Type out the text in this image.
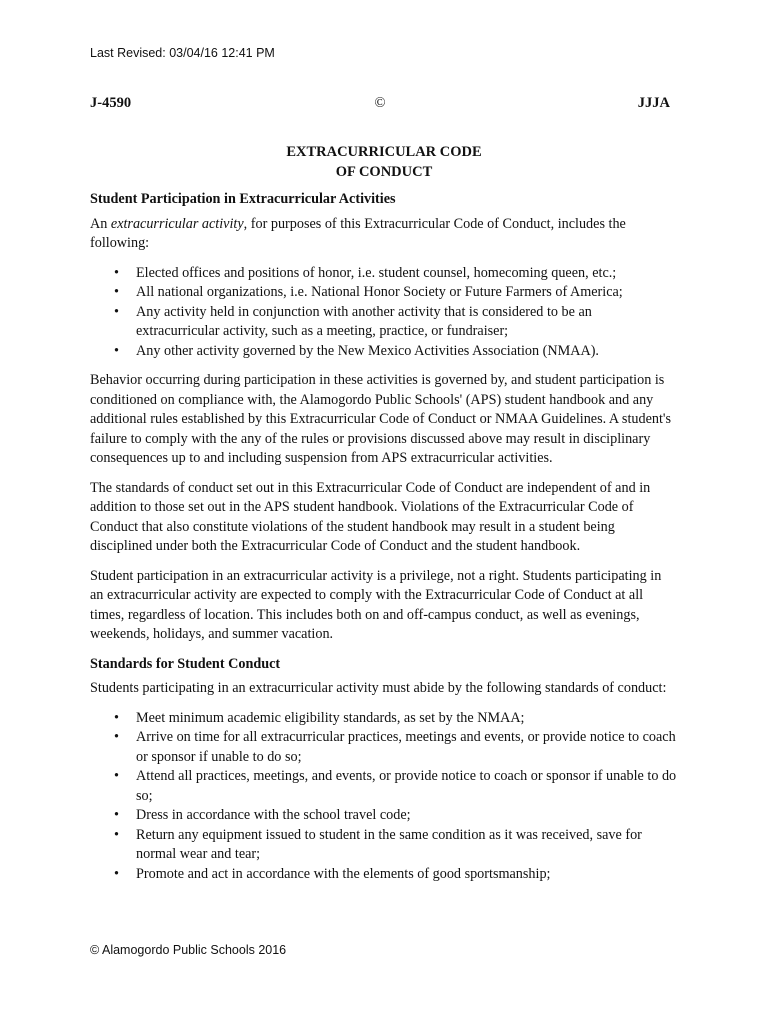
Last Revised: 03/04/16 12:41 PM
J-4590	©	JJJA
EXTRACURRICULAR CODE
OF CONDUCT
Student Participation in Extracurricular Activities

An extracurricular activity, for purposes of this Extracurricular Code of Conduct, includes the following:

• Elected offices and positions of honor, i.e. student counsel, homecoming queen, etc.;
• All national organizations, i.e. National Honor Society or Future Farmers of America;
• Any activity held in conjunction with another activity that is considered to be an extracurricular activity, such as a meeting, practice, or fundraiser;
• Any other activity governed by the New Mexico Activities Association (NMAA).

Behavior occurring during participation in these activities is governed by, and student participation is conditioned on compliance with, the Alamogordo Public Schools' (APS) student handbook and any additional rules established by this Extracurricular Code of Conduct or NMAA Guidelines. A student's failure to comply with the any of the rules or provisions discussed above may result in disciplinary consequences up to and including suspension from APS extracurricular activities.

The standards of conduct set out in this Extracurricular Code of Conduct are independent of and in addition to those set out in the APS student handbook. Violations of the Extracurricular Code of Conduct that also constitute violations of the student handbook may result in a student being disciplined under both the Extracurricular Code of Conduct and the student handbook.

Student participation in an extracurricular activity is a privilege, not a right. Students participating in an extracurricular activity are expected to comply with the Extracurricular Code of Conduct at all times, regardless of location. This includes both on and off-campus conduct, as well as evenings, weekends, holidays, and summer vacation.

Standards for Student Conduct

Students participating in an extracurricular activity must abide by the following standards of conduct:

• Meet minimum academic eligibility standards, as set by the NMAA;
• Arrive on time for all extracurricular practices, meetings and events, or provide notice to coach or sponsor if unable to do so;
• Attend all practices, meetings, and events, or provide notice to coach or sponsor if unable to do so;
• Dress in accordance with the school travel code;
• Return any equipment issued to student in the same condition as it was received, save for normal wear and tear;
• Promote and act in accordance with the elements of good sportsmanship;
© Alamogordo Public Schools 2016
